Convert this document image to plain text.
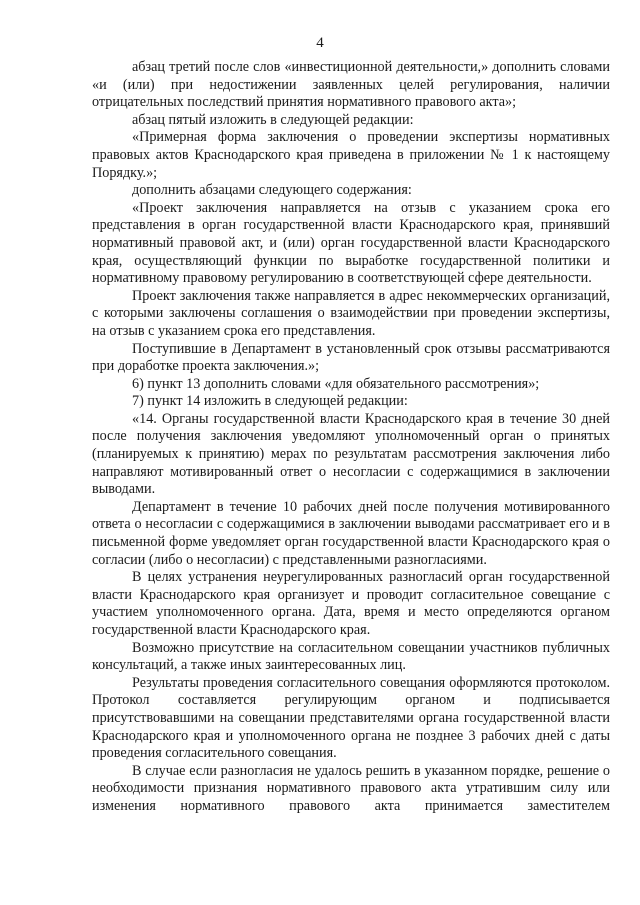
4

абзац третий после слов «инвестиционной деятельности,» дополнить словами «и (или) при недостижении заявленных целей регулирования, наличии отрицательных последствий принятия нормативного правового акта»;

абзац пятый изложить в следующей редакции:

«Примерная форма заключения о проведении экспертизы нормативных правовых актов Краснодарского края приведена в приложении № 1 к настоящему Порядку.»;

дополнить абзацами следующего содержания:

«Проект заключения направляется на отзыв с указанием срока его представления в орган государственной власти Краснодарского края, принявший нормативный правовой акт, и (или) орган государственной власти Краснодарского края, осуществляющий функции по выработке государственной политики и нормативному правовому регулированию в соответствующей сфере деятельности.

Проект заключения также направляется в адрес некоммерческих организаций, с которыми заключены соглашения о взаимодействии при проведении экспертизы, на отзыв с указанием срока его представления.

Поступившие в Департамент в установленный срок отзывы рассматриваются при доработке проекта заключения.»;

6) пункт 13 дополнить словами «для обязательного рассмотрения»;

7) пункт 14 изложить в следующей редакции:

«14. Органы государственной власти Краснодарского края в течение 30 дней после получения заключения уведомляют уполномоченный орган о принятых (планируемых к принятию) мерах по результатам рассмотрения заключения либо направляют мотивированный ответ о несогласии с содержащимися в заключении выводами.

Департамент в течение 10 рабочих дней после получения мотивированного ответа о несогласии с содержащимися в заключении выводами рассматривает его и в письменной форме уведомляет орган государственной власти Краснодарского края о согласии (либо о несогласии) с представленными разногласиями.

В целях устранения неурегулированных разногласий орган государственной власти Краснодарского края организует и проводит согласительное совещание с участием уполномоченного органа. Дата, время и место определяются органом государственной власти Краснодарского края.

Возможно присутствие на согласительном совещании участников публичных консультаций, а также иных заинтересованных лиц.

Результаты проведения согласительного совещания оформляются протоколом. Протокол составляется регулирующим органом и подписывается присутствовавшими на совещании представителями органа государственной власти Краснодарского края и уполномоченного органа не позднее 3 рабочих дней с даты проведения согласительного совещания.

В случае если разногласия не удалось решить в указанном порядке, решение о необходимости признания нормативного правового акта утратившим силу или изменения нормативного правового акта принимается заместителем
